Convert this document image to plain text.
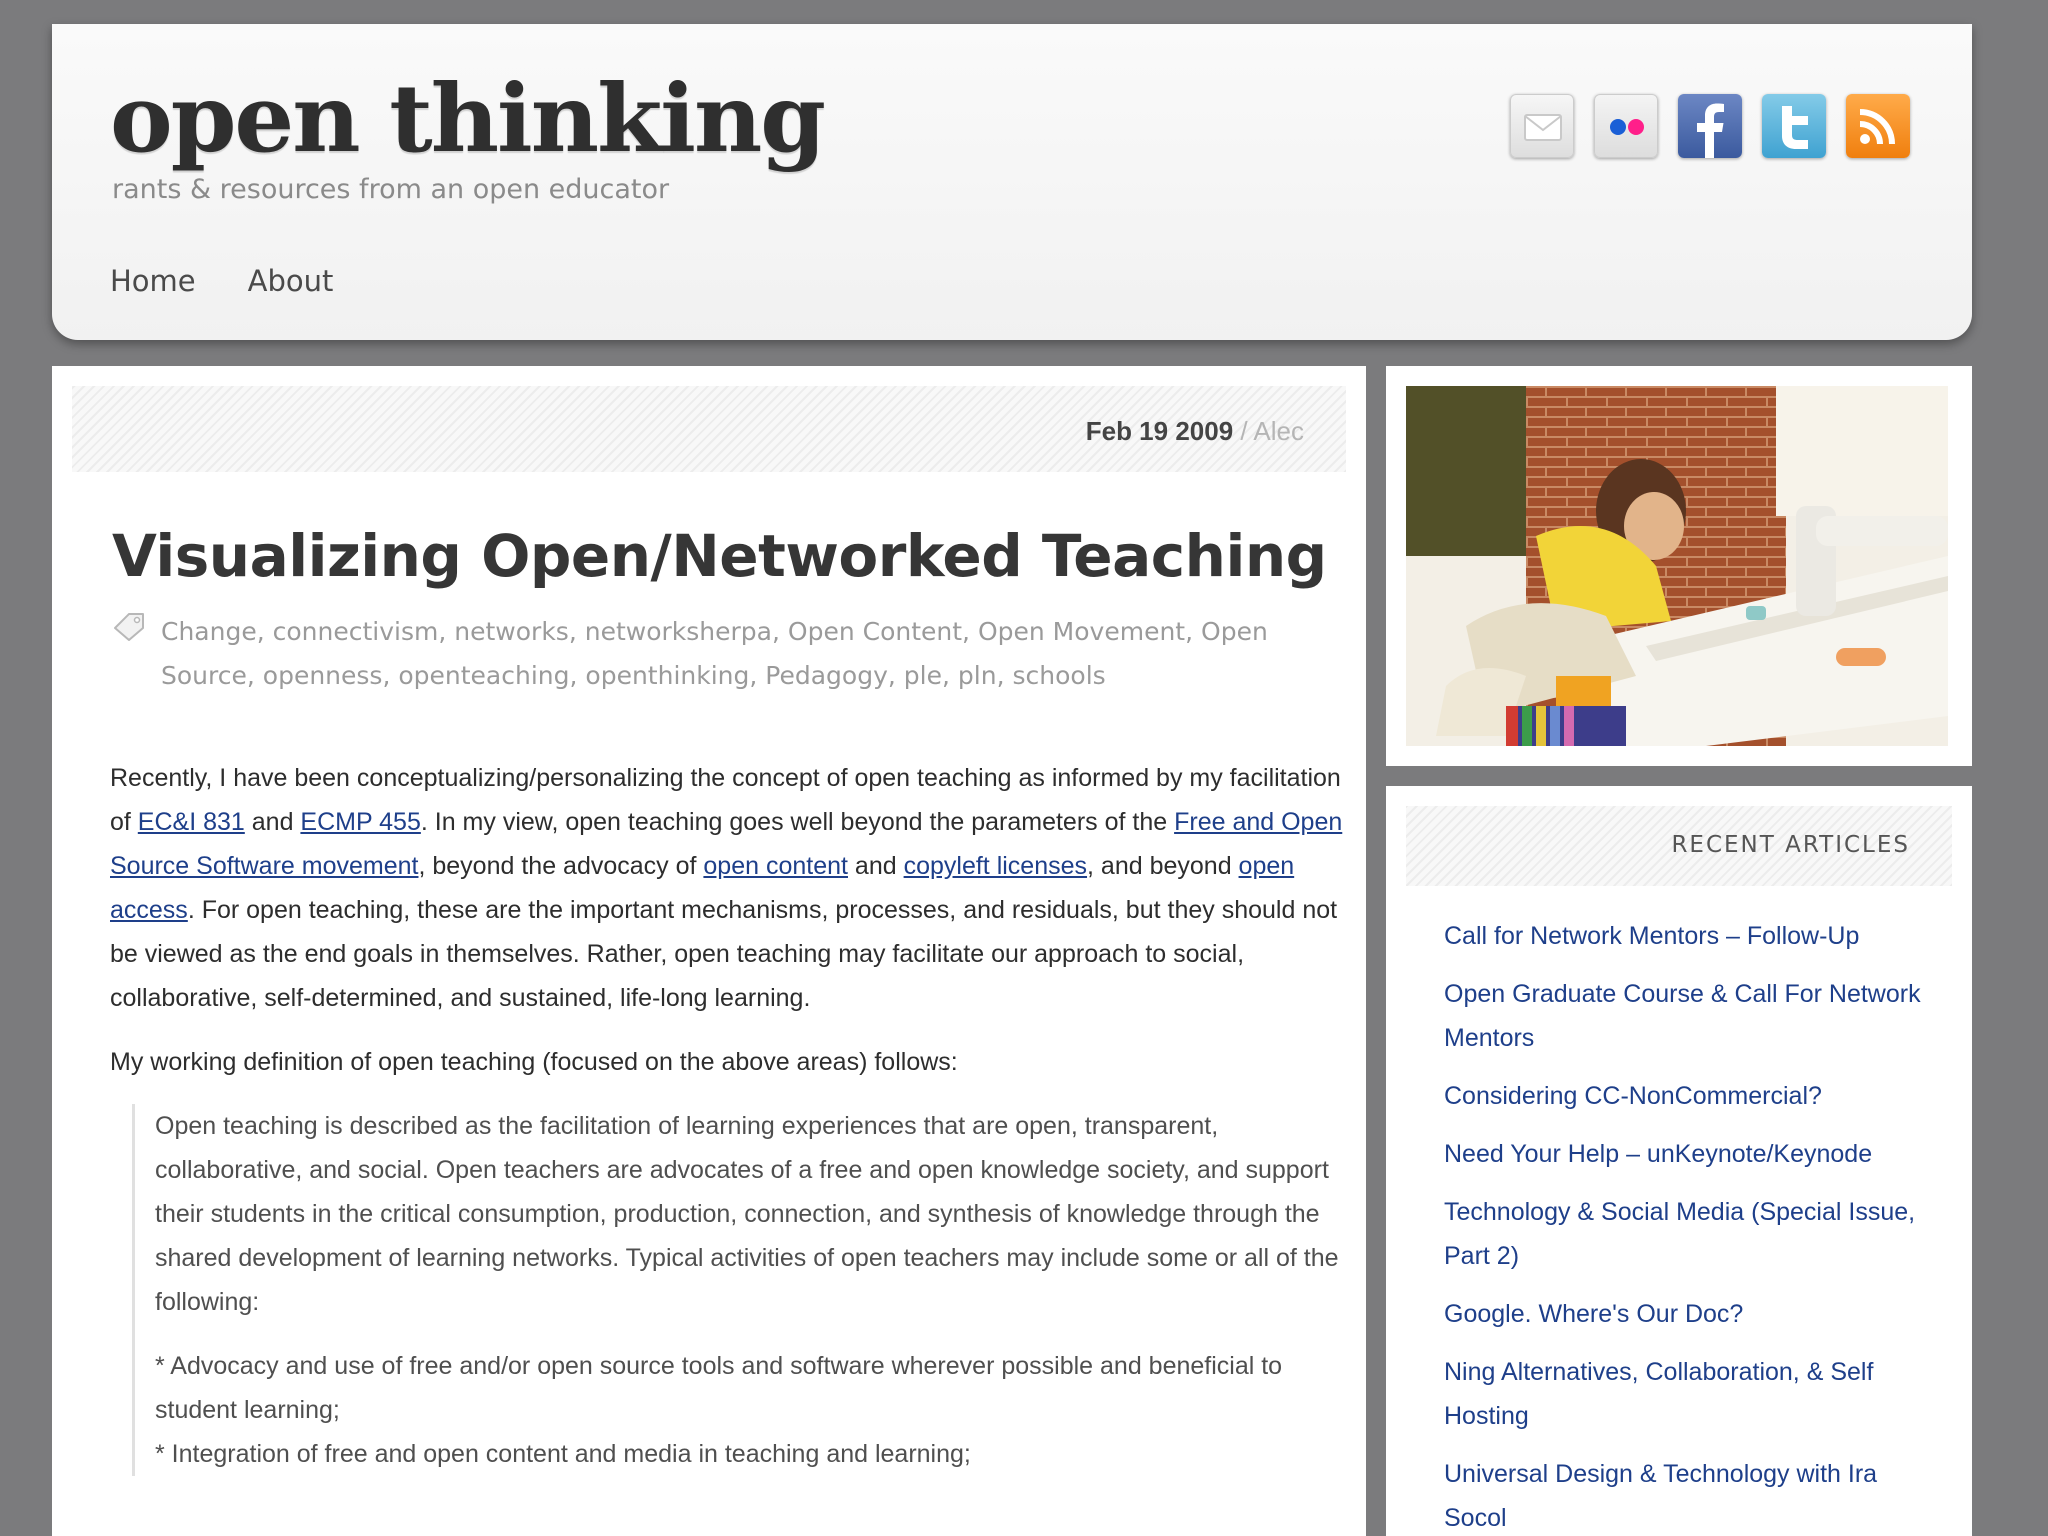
open thinking
rants & resources from an open educator
Home About
Feb 19 2009 / Alec
Visualizing Open/Networked Teaching
Change, connectivism, networks, networksherpa, Open Content, Open Movement, Open Source, openness, openteaching, openthinking, Pedagogy, ple, pln, schools

Recently, I have been conceptualizing/personalizing the concept of open teaching as informed by my facilitation of EC&I 831 and ECMP 455. In my view, open teaching goes well beyond the parameters of the Free and Open Source Software movement, beyond the advocacy of open content and copyleft licenses, and beyond open access. For open teaching, these are the important mechanisms, processes, and residuals, but they should not be viewed as the end goals in themselves. Rather, open teaching may facilitate our approach to social, collaborative, self-determined, and sustained, life-long learning.

My working definition of open teaching (focused on the above areas) follows:

Open teaching is described as the facilitation of learning experiences that are open, transparent, collaborative, and social. Open teachers are advocates of a free and open knowledge society, and support their students in the critical consumption, production, connection, and synthesis of knowledge through the shared development of learning networks. Typical activities of open teachers may include some or all of the following:

* Advocacy and use of free and/or open source tools and software wherever possible and beneficial to student learning;

* Integration of free and open content and media in teaching and learning;

RECENT ARTICLES
Call for Network Mentors – Follow-Up
Open Graduate Course & Call For Network Mentors
Considering CC-NonCommercial?
Need Your Help – unKeynote/Keynode
Technology & Social Media (Special Issue, Part 2)
Google. Where's Our Doc?
Ning Alternatives, Collaboration, & Self Hosting
Universal Design & Technology with Ira Socol
